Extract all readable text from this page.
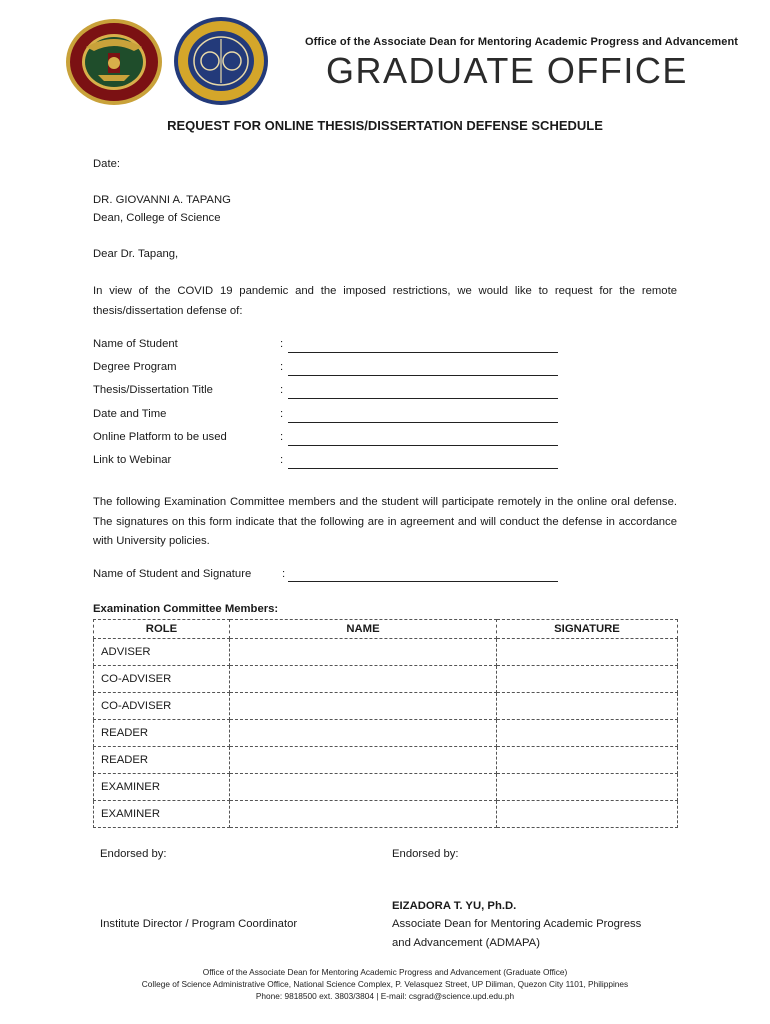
Office of the Associate Dean for Mentoring Academic Progress and Advancement
GRADUATE OFFICE
REQUEST FOR ONLINE THESIS/DISSERTATION DEFENSE SCHEDULE
Date:
DR. GIOVANNI A. TAPANG
Dean, College of Science
Dear Dr. Tapang,
In view of the COVID 19 pandemic and the imposed restrictions, we would like to request for the remote thesis/dissertation defense of:
Name of Student	:
Degree Program	:
Thesis/Dissertation Title	:
Date and Time	:
Online Platform to be used	:
Link to Webinar	:
The following Examination Committee members and the student will participate remotely in the online oral defense. The signatures on this form indicate that the following are in agreement and will conduct the defense in accordance with University policies.
Name of Student and Signature	:
Examination Committee Members:
ROLE	NAME	SIGNATURE
ADVISER		
CO-ADVISER		
CO-ADVISER		
READER		
READER		
EXAMINER		
EXAMINER		
Endorsed by:
Institute Director / Program Coordinator
Endorsed by:
EIZADORA T. YU, Ph.D.
Associate Dean for Mentoring Academic Progress
and Advancement (ADMAPA)
Office of the Associate Dean for Mentoring Academic Progress and Advancement (Graduate Office)
College of Science Administrative Office, National Science Complex, P. Velasquez Street, UP Diliman, Quezon City 1101, Philippines
Phone: 9818500 ext. 3803/3804 | E-mail: csgrad@science.upd.edu.ph
